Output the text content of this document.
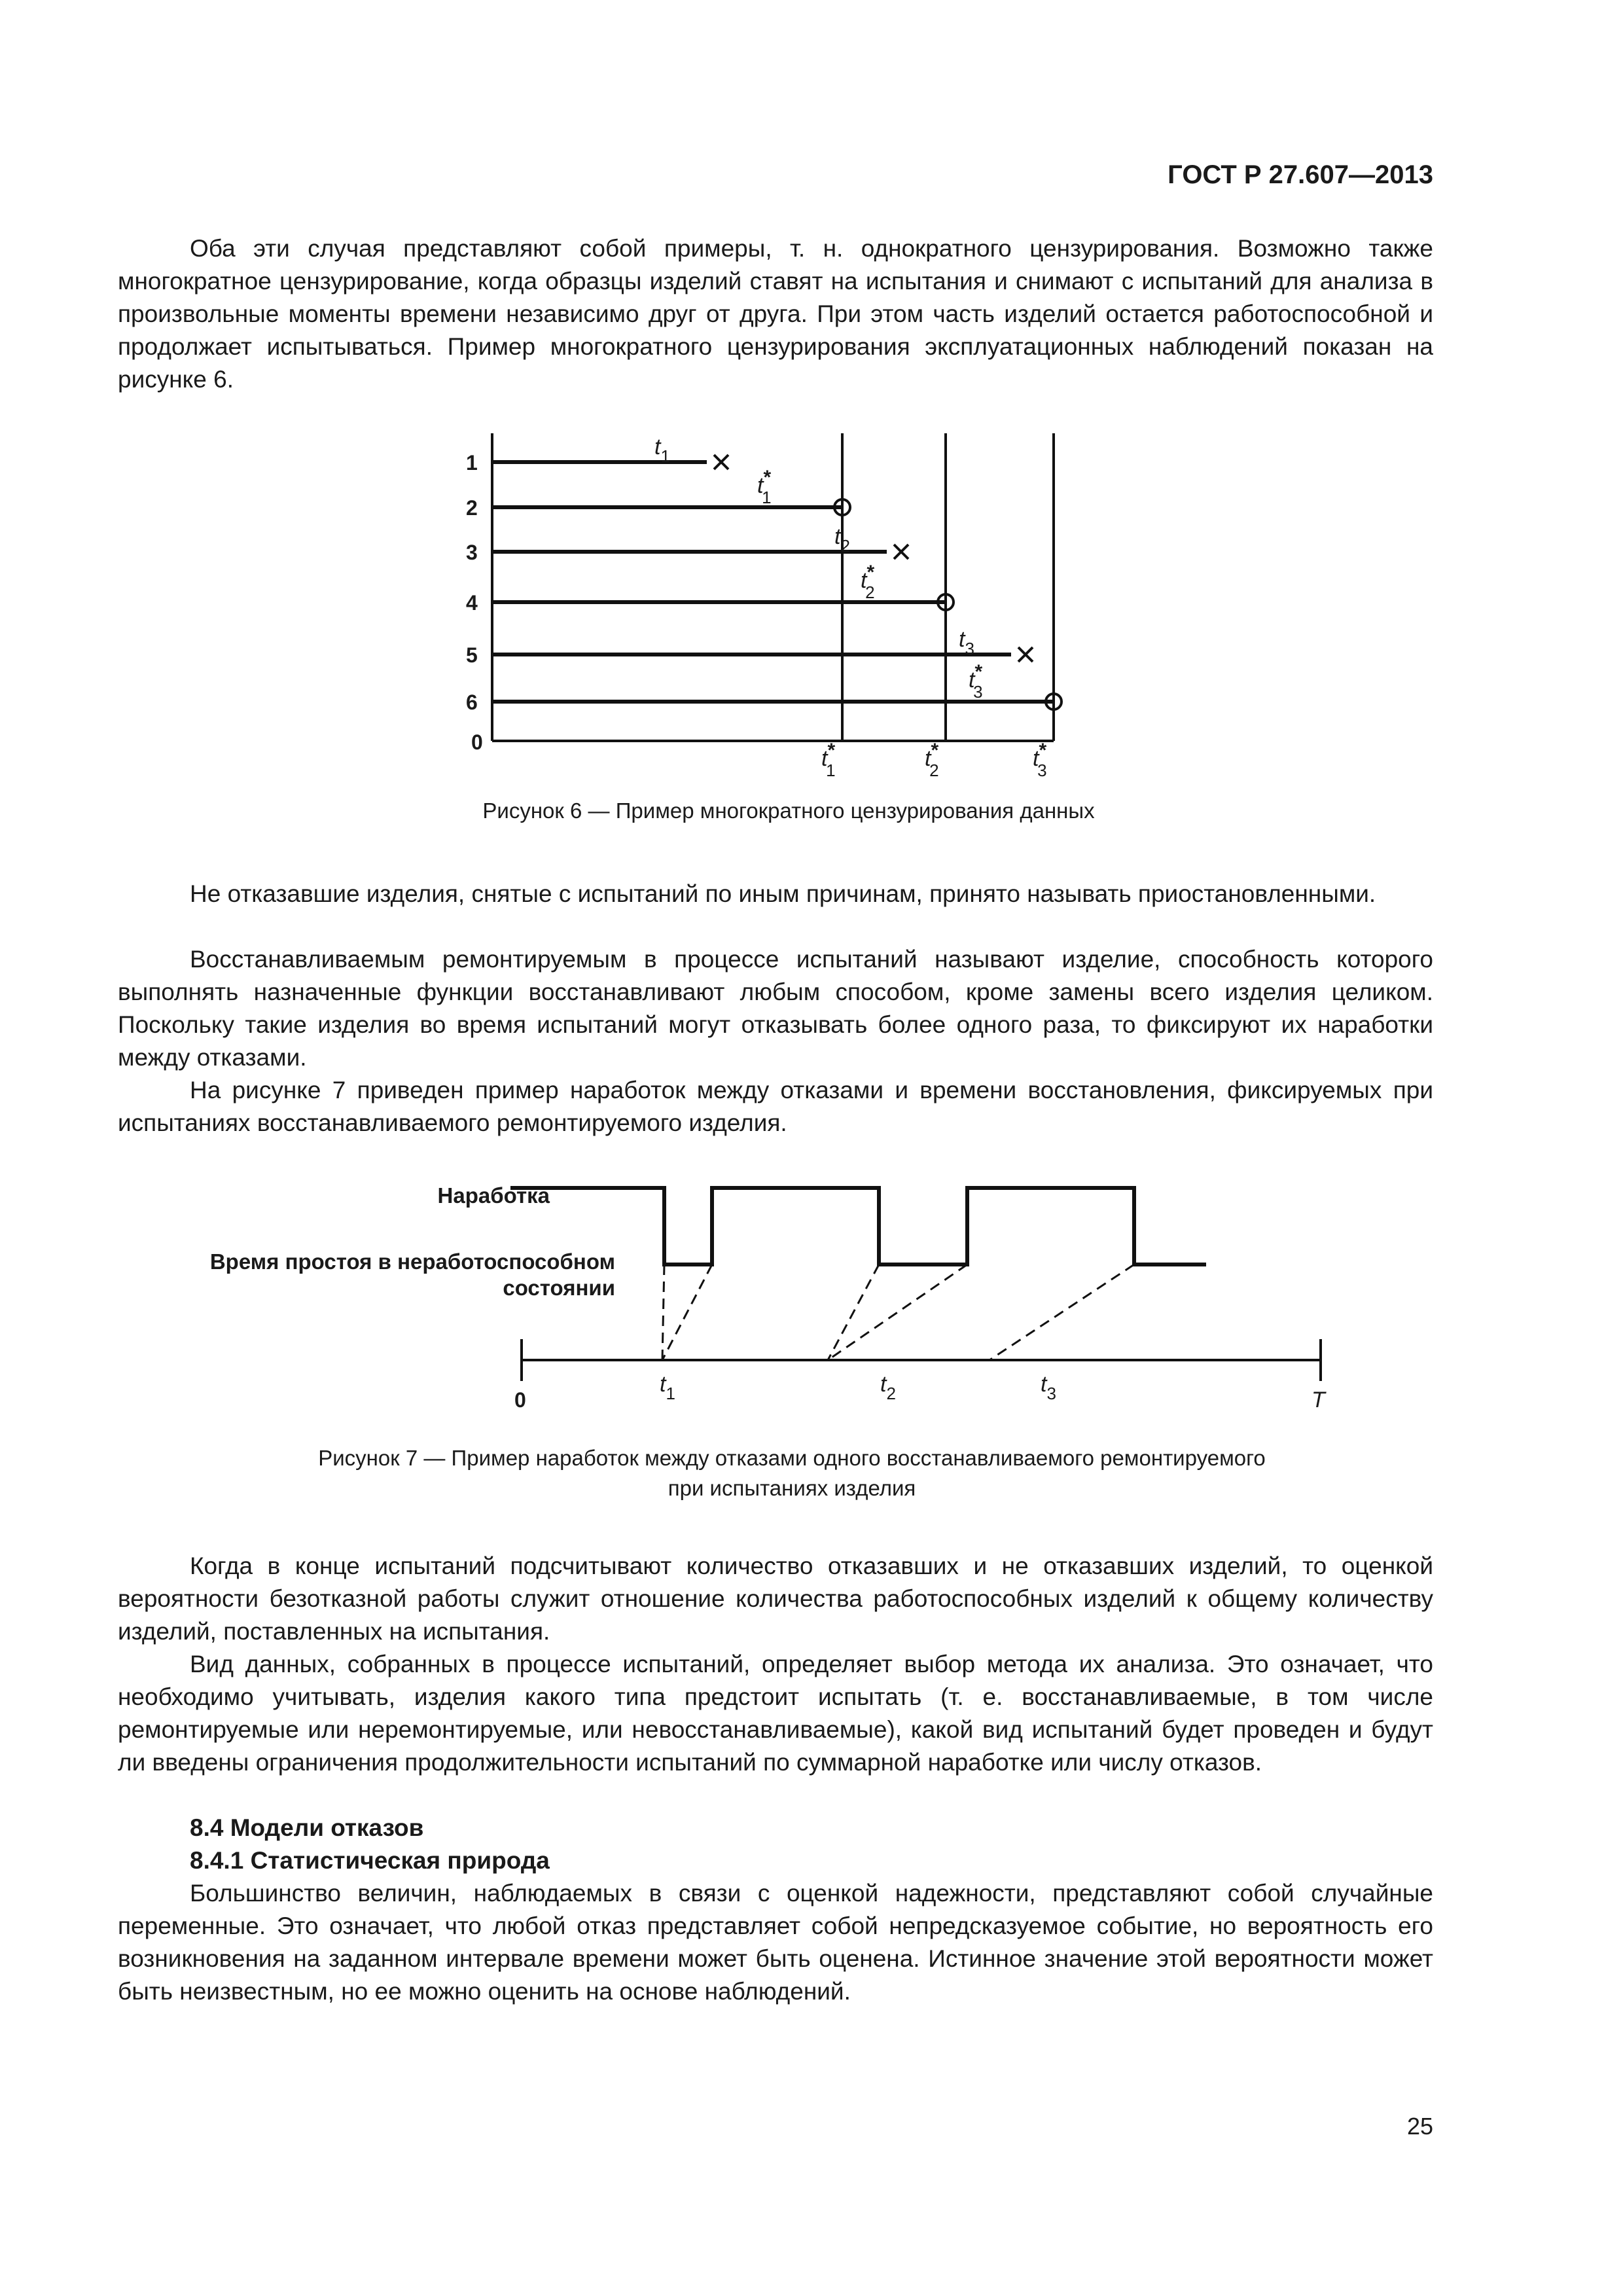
ГОСТ Р 27.607—2013

Оба эти случая представляют собой примеры, т. н. однократного цензурирования. Возможно также многократное цензурирование, когда образцы изделий ставят на испытания и снимают с испытаний для анализа в произвольные моменты времени независимо друг от друга. При этом часть изделий остается работоспособной и продолжает испытываться. Пример многократного цензурирования эксплуатационных наблюдений показан на рисунке 6.

0
1
$t_1$
2
t* 1
3
$t_2$
4
t* 2
5
$t_3$
6
t* 3
t* 1	t* 2	t* 3
0	T
$t_1$	$t_2$	$t_3$
Рисунок 6 — Пример многократного цензурирования данных

Не отказавшие изделия, снятые с испытаний по иным причинам, принято называть приостановленными.

Восстанавливаемым ремонтируемым в процессе испытаний называют изделие, способность которого выполнять назначенные функции восстанавливают любым способом, кроме замены всего изделия целиком. Поскольку такие изделия во время испытаний могут отказывать более одного раза, то фиксируют их наработки между отказами.

На рисунке 7 приведен пример наработок между отказами и времени восстановления, фиксируемых при испытаниях восстанавливаемого ремонтируемого изделия.

Наработка
Время простоя в неработоспособном
состоянии
Рисунок 7 — Пример наработок между отказами одного восстанавливаемого ремонтируемого
при испытаниях изделия

Когда в конце испытаний подсчитывают количество отказавших и не отказавших изделий, то оценкой вероятности безотказной работы служит отношение количества работоспособных изделий к общему количеству изделий, поставленных на испытания.

Вид данных, собранных в процессе испытаний, определяет выбор метода их анализа. Это означает, что необходимо учитывать, изделия какого типа предстоит испытать (т. е. восстанавливаемые, в том числе ремонтируемые или неремонтируемые, или невосстанавливаемые), какой вид испытаний будет проведен и будут ли введены ограничения продолжительности испытаний по суммарной наработке или числу отказов.

8.4 Модели отказов

8.4.1 Статистическая природа

Большинство величин, наблюдаемых в связи с оценкой надежности, представляют собой случайные переменные. Это означает, что любой отказ представляет собой непредсказуемое событие, но вероятность его возникновения на заданном интервале времени может быть оценена. Истинное значение этой вероятности может быть неизвестным, но ее можно оценить на основе наблюдений.

25
